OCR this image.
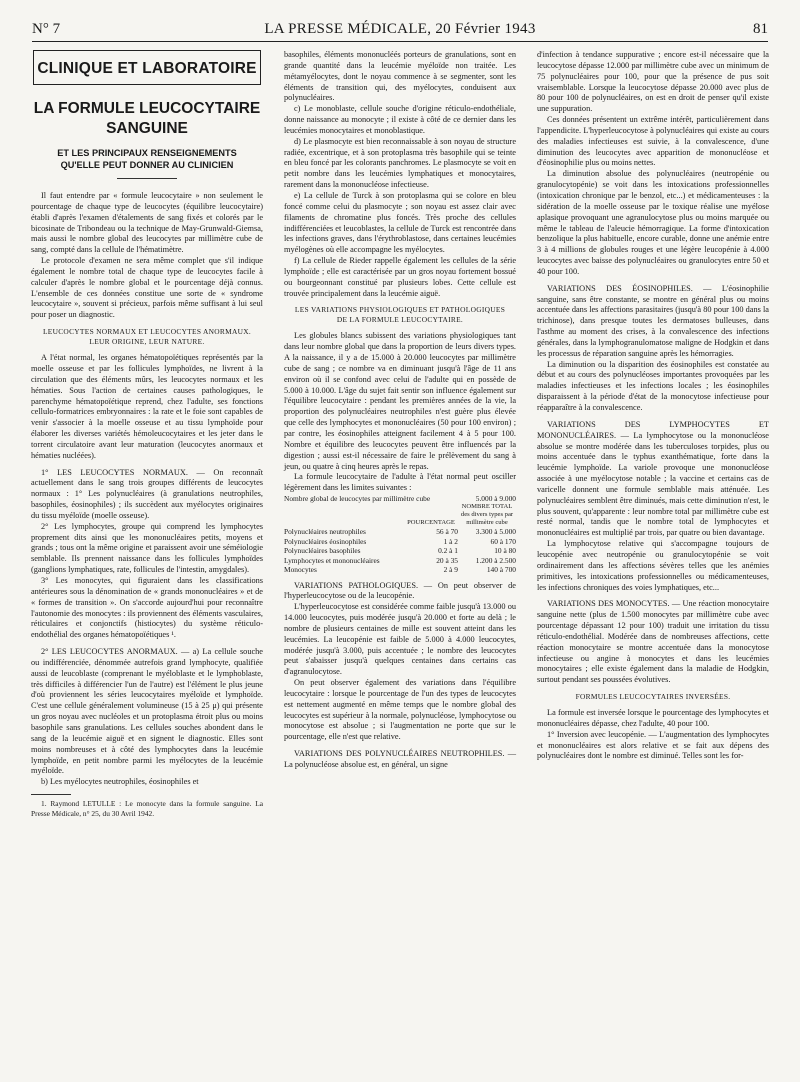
N° 7	LA PRESSE MÉDICALE, 20 Février 1943	81
CLINIQUE ET LABORATOIRE
LA FORMULE LEUCOCYTAIRE
SANGUINE
ET LES PRINCIPAUX RENSEIGNEMENTS
QU'ELLE PEUT DONNER AU CLINICIEN

Il faut entendre par « formule leucocytaire » non seulement le pourcentage de chaque type de leucocytes (équilibre leucocytaire) établi d'après l'examen d'étalements de sang fixés et colorés par le bicosinate de Tribondeau ou la technique de May-Grunwald-Giemsa, mais aussi le nombre global des leucocytes par millimètre cube de sang, compté dans la cellule de l'hématimètre.

Le protocole d'examen ne sera même complet que s'il indique également le nombre total de chaque type de leucocytes facile à calculer d'après le nombre global et le pourcentage déjà connus. L'ensemble de ces données constitue une sorte de « syndrome leucocytaire », souvent si précieux, parfois même suffisant à lui seul pour poser un diagnostic.

LEUCOCYTES NORMAUX ET LEUCOCYTES ANORMAUX.
LEUR ORIGINE, LEUR NATURE.

A l'état normal, les organes hématopoïétiques représentés par la moelle osseuse et par les follicules lymphoïdes, ne livrent à la circulation que des éléments mûrs, les leucocytes normaux et les hématies. Sous l'action de certaines causes pathologiques, le parenchyme hématopoïétique reprend, chez l'adulte, ses fonctions cellulo-formatrices embryonnaires : la rate et le foie sont capables de venir s'associer à la moelle osseuse et au tissu lymphoïde pour élaborer les diverses variétés hémoleucocytaires et les jeter dans le torrent circulatoire avant leur maturation (leucocytes anormaux et hématies nucléées).

1° LES LEUCOCYTES NORMAUX. — On reconnaît actuellement dans le sang trois groupes différents de leucocytes normaux : 1° Les polynucléaires (à granulations neutrophiles, basophiles, éosinophiles) ; ils succèdent aux myélocytes originaires du tissu myéloïde (moelle osseuse).

2° Les lymphocytes, groupe qui comprend les lymphocytes proprement dits ainsi que les mononucléaires petits, moyens et grands ; tous ont la même origine et paraissent avoir une séméiologie semblable. Ils prennent naissance dans les follicules lymphoïdes (ganglions lymphatiques, rate, follicules de l'intestin, amygdales).

3° Les monocytes, qui figuraient dans les classifications antérieures sous la dénomination de « grands mononucléaires » et de « formes de transition ». On s'accorde aujourd'hui pour reconnaître l'autonomie des monocytes : ils proviennent des éléments vasculaires, réticulaires et conjonctifs (histiocytes) du système réticulo-endothélial des organes hématopoïétiques ¹.

2° LES LEUCOCYTES ANORMAUX. — a) La cellule souche ou indifférenciée, dénommée autrefois grand lymphocyte, qualifiée aussi de leucoblaste (comprenant le myéloblaste et le lymphoblaste, très difficiles à différencier l'un de l'autre) est l'élément le plus jeune d'où proviennent les séries leucocytaires myéloïde et lymphoïde. C'est une cellule généralement volumineuse (15 à 25 μ) qui présente un gros noyau avec nucléoles et un protoplasma étroit plus ou moins basophile sans granulations. Les cellules souches abondent dans le sang de la leucémie aiguë et en signent le diagnostic. Elles sont moins nombreuses et à côté des lymphocytes dans la leucémie lymphoïde, en petit nombre parmi les myélocytes de la leucémie myéloïde.

b) Les myélocytes neutrophiles, éosinophiles et

1. Raymond LETULLE : Le monocyte dans la formule sanguine. La Presse Médicale, n° 25, du 30 Avril 1942.

basophiles, éléments mononucléés porteurs de granulations, sont en grande quantité dans la leucémie myéloïde non traitée. Les métamyélocytes, dont le noyau commence à se segmenter, sont les éléments de transition qui, des myélocytes, conduisent aux polynucléaires.

c) Le monoblaste, cellule souche d'origine réticulo-endothéliale, donne naissance au monocyte ; il existe à côté de ce dernier dans les leucémies monocytaires et monoblastique.

d) Le plasmocyte est bien reconnaissable à son noyau de structure radiée, excentrique, et à son protoplasma très basophile qui se teinte en bleu foncé par les colorants panchromes. Le plasmocyte se voit en petit nombre dans les leucémies lymphatiques et monocytaires, rarement dans la mononucléose infectieuse.

e) La cellule de Turck à son protoplasma qui se colore en bleu foncé comme celui du plasmocyte ; son noyau est assez clair avec filaments de chromatine plus foncés. Très proche des cellules indifférenciées et leucoblastes, la cellule de Turck est rencontrée dans les infections graves, dans l'érythroblastose, dans certaines leucémies myélogènes où elle accompagne les myélocytes.

f) La cellule de Rieder rappelle également les cellules de la série lymphoïde ; elle est caractérisée par un gros noyau fortement bossué ou bourgeonnant constitué par plusieurs lobes. Cette cellule est trouvée principalement dans la leucémie aiguë.

LES VARIATIONS PHYSIOLOGIQUES ET PATHOLOGIQUES
DE LA FORMULE LEUCOCYTAIRE.

Les globules blancs subissent des variations physiologiques tant dans leur nombre global que dans la proportion de leurs divers types. A la naissance, il y a de 15.000 à 20.000 leucocytes par millimètre cube de sang ; ce nombre va en diminuant jusqu'à l'âge de 11 ans environ où il se confond avec celui de l'adulte qui en possède de 5.000 à 10.000. L'âge du sujet fait sentir son influence également sur l'équilibre leucocytaire : pendant les premières années de la vie, la proportion des polynucléaires neutrophiles n'est guère plus élevée que celle des lymphocytes et mononucléaires (50 pour 100 environ) ; par contre, les éosinophiles atteignent facilement 4 à 5 pour 100. Nombre et équilibre des leucocytes peuvent être influencés par la digestion ; aussi est-il nécessaire de faire le prélèvement du sang à jeun, ou quatre à cinq heures après le repas.

La formule leucocytaire de l'adulte à l'état normal peut osciller légèrement dans les limites suivantes :

Nombre global de leucocytes par millimètre cube	5.000 à 9.000
	POURCENTAGE	NOMBRE TOTAL des divers types par millimètre cube
Polynucléaires neutrophiles	56 à 70	3.300 à 5.000
Polynucléaires éosinophiles	1 à 2	60 à 170
Polynucléaires basophiles	0.2 à 1	10 à 80
Lymphocytes et mononucléaires	20 à 35	1.200 à 2.500
Monocytes	2 à 9	140 à 700

VARIATIONS PATHOLOGIQUES. — On peut observer de l'hyperleucocytose ou de la leucopénie.

L'hyperleucocytose est considérée comme faible jusqu'à 13.000 ou 14.000 leucocytes, puis modérée jusqu'à 20.000 et forte au delà ; le nombre de plusieurs centaines de mille est souvent atteint dans les leucémies. La leucopénie est faible de 5.000 à 4.000 leucocytes, modérée jusqu'à 3.000, puis accentuée ; le nombre des leucocytes peut s'abaisser jusqu'à quelques centaines dans certains cas d'agranulocytose.

On peut observer également des variations dans l'équilibre leucocytaire : lorsque le pourcentage de l'un des types de leucocytes est nettement augmenté en même temps que le nombre global des leucocytes est supérieur à la normale, polynucléose, lymphocytose ou monocytose est absolue ; si l'augmentation ne porte que sur le pourcentage, elle n'est que relative.

VARIATIONS DES POLYNUCLÉAIRES NEUTROPHILES. — La polynucléose absolue est, en général, un signe

d'infection à tendance suppurative ; encore est-il nécessaire que la leucocytose dépasse 12.000 par millimètre cube avec un minimum de 75 polynucléaires pour 100, pour que la présence de pus soit vraisemblable. Lorsque la leucocytose dépasse 20.000 avec plus de 80 pour 100 de polynucléaires, on est en droit de penser qu'il existe une suppuration.

Ces données présentent un extrême intérêt, particulièrement dans l'appendicite. L'hyperleucocytose à polynucléaires qui existe au cours des maladies infectieuses est suivie, à la convalescence, d'une diminution des leucocytes avec apparition de mononucléose et d'éosinophilie plus ou moins nettes.

La diminution absolue des polynucléaires (neutropénie ou granulocytopénie) se voit dans les intoxications professionnelles (intoxication chronique par le benzol, etc...) et médicamenteuses : la sidération de la moelle osseuse par le toxique réalise une myélose aplasique provoquant une agranulocytose plus ou moins marquée ou même le tableau de l'aleucie hémorragique. La forme d'intoxication benzolique la plus habituelle, encore curable, donne une anémie entre 3 à 4 millions de globules rouges et une légère leucopénie à 4.000 leucocytes avec baisse des polynucléaires ou granulocytes entre 50 et 40 pour 100.

VARIATIONS DES ÉOSINOPHILES. — L'éosinophilie sanguine, sans être constante, se montre en général plus ou moins accentuée dans les affections parasitaires (jusqu'à 80 pour 100 dans la trichinose), dans presque toutes les dermatoses bulleuses, dans l'asthme au moment des crises, à la convalescence des infections générales, dans la lymphogranulomatose maligne de Hodgkin et dans les processus de réparation sanguine après les hémorragies.

La diminution ou la disparition des éosinophiles est constatée au début et au cours des polynucléoses importantes provoquées par les maladies infectieuses et les infections locales ; les éosinophiles disparaissent à la période d'état de la monocytose infectieuse pour réapparaître à la convalescence.

VARIATIONS DES LYMPHOCYTES ET MONONUCLÉAIRES. — La lymphocytose ou la mononucléose absolue se montre modérée dans les tuberculoses torpides, plus ou moins accentuée dans le typhus exanthématique, forte dans la leucémie lymphoïde. La variole provoque une mononucléose associée à une myélocytose notable ; la vaccine et certains cas de varicelle donnent une formule semblable mais atténuée. Les polynucléaires semblent être diminués, mais cette diminution n'est, le plus souvent, qu'apparente : leur nombre total par millimètre cube est resté normal, tandis que le nombre total de lymphocytes et mononucléaires est multiplié par trois, par quatre ou bien davantage.

La lymphocytose relative qui s'accompagne toujours de leucopénie avec neutropénie ou granulocytopénie se voit ordinairement dans les affections sévères telles que les anémies primitives, les intoxications professionnelles ou médicamenteuses, les infections chroniques des voies lymphatiques, etc...

VARIATIONS DES MONOCYTES. — Une réaction monocytaire sanguine nette (plus de 1.500 monocytes par millimètre cube avec pourcentage dépassant 12 pour 100) traduit une irritation du tissu réticulo-endothélial. Modérée dans de nombreuses affections, cette réaction monocytaire se montre accentuée dans la monocytose infectieuse ou angine à monocytes et dans les leucémies monocytaires ; elle existe également dans la maladie de Hodgkin, surtout pendant ses poussées évolutives.

FORMULES LEUCOCYTAIRES INVERSÉES.

La formule est inversée lorsque le pourcentage des lymphocytes et mononucléaires dépasse, chez l'adulte, 40 pour 100.

1° Inversion avec leucopénie. — L'augmentation des lymphocytes et mononucléaires est alors relative et se fait aux dépens des polynucléaires dont le nombre est diminué. Telles sont les for-
